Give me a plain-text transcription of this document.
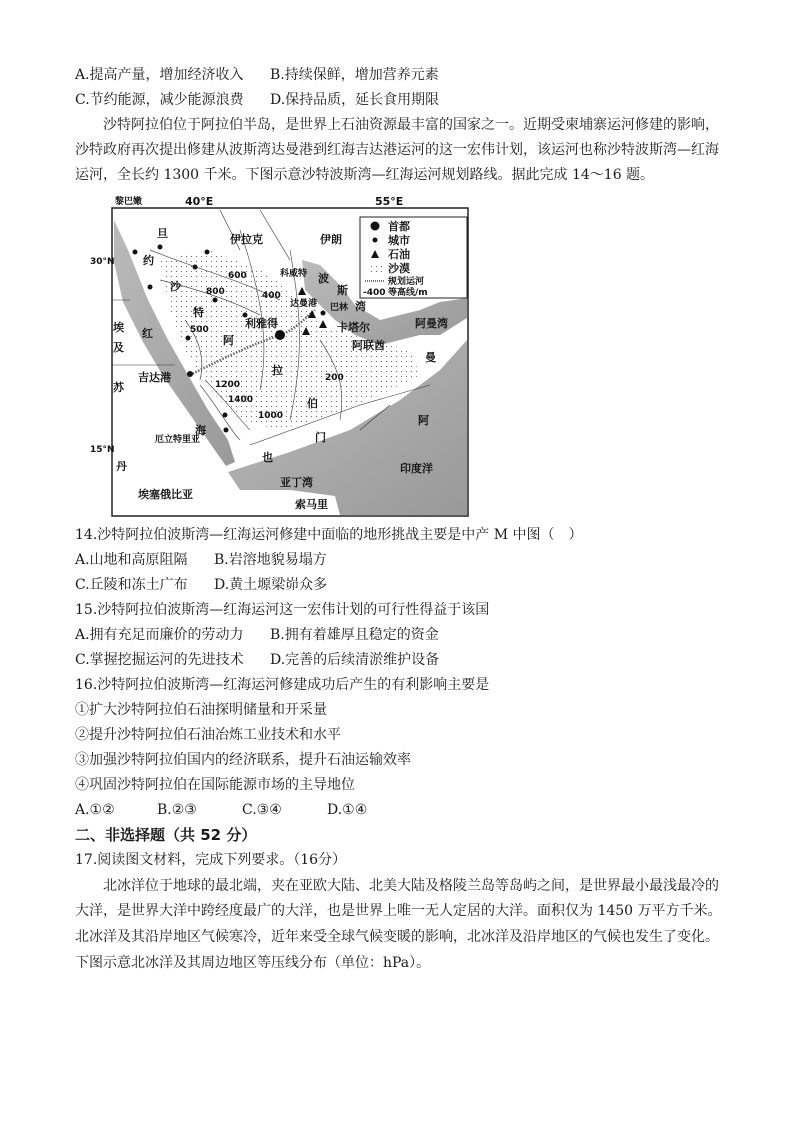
A.提高产量，增加经济收入 B.持续保鲜，增加营养元素
C.节约能源，减少能源浪费 D.保持品质，延长食用期限
沙特阿拉伯位于阿拉伯半岛，是世界上石油资源最丰富的国家之一。近期受柬埔寨运河修建的影响，
沙特政府再次提出修建从波斯湾达曼港到红海吉达港运河的这一宏伟计划，该运河也称沙特波斯湾—红海
运河，全长约 1300 千米。下图示意沙特波斯湾—红海运河规划路线。据此完成 14～16 题。
黎巴嫩	40°E	55°E
30°N
15°N
伊拉克	伊朗
约
旦
沙
特
阿
拉
伯
科威特 波
斯
湾
达曼港 巴林
卡塔尔
利雅得
阿联酋
阿曼湾
曼
阿
门
也
埃
及
苏
丹
红
海
吉达港
厄立特里亚
印度洋
亚丁湾
埃塞俄比亚
索马里
600
800	400
200
500
1200
1400
1000
首都
城市
石油
沙漠
规划运河
-400 等高线/m
14.沙特阿拉伯波斯湾—红海运河修建中面临的地形挑战主要是中产 M 中图（　）
A.山地和高原阻隔 B.岩溶地貌易塌方
C.丘陵和冻土广布 D.黄土塬梁峁众多
15.沙特阿拉伯波斯湾—红海运河这一宏伟计划的可行性得益于该国
A.拥有充足而廉价的劳动力 B.拥有着雄厚且稳定的资金
C.掌握挖掘运河的先进技术 D.完善的后续清淤维护设备
16.沙特阿拉伯波斯湾—红海运河修建成功后产生的有利影响主要是
①扩大沙特阿拉伯石油探明储量和开采量
②提升沙特阿拉伯石油冶炼工业技术和水平
③加强沙特阿拉伯国内的经济联系，提升石油运输效率
④巩固沙特阿拉伯在国际能源市场的主导地位
A.①②	B.②③	C.③④	D.①④
二、非选择题（共 52 分）
17.阅读图文材料，完成下列要求。（16分）
北冰洋位于地球的最北端，夹在亚欧大陆、北美大陆及格陵兰岛等岛屿之间，是世界最小最浅最冷的
大洋，是世界大洋中跨经度最广的大洋，也是世界上唯一无人定居的大洋。面积仅为 1450 万平方千米。
北冰洋及其沿岸地区气候寒冷，近年来受全球气候变暖的影响，北冰洋及沿岸地区的气候也发生了变化。
下图示意北冰洋及其周边地区等压线分布（单位：hPa）。
